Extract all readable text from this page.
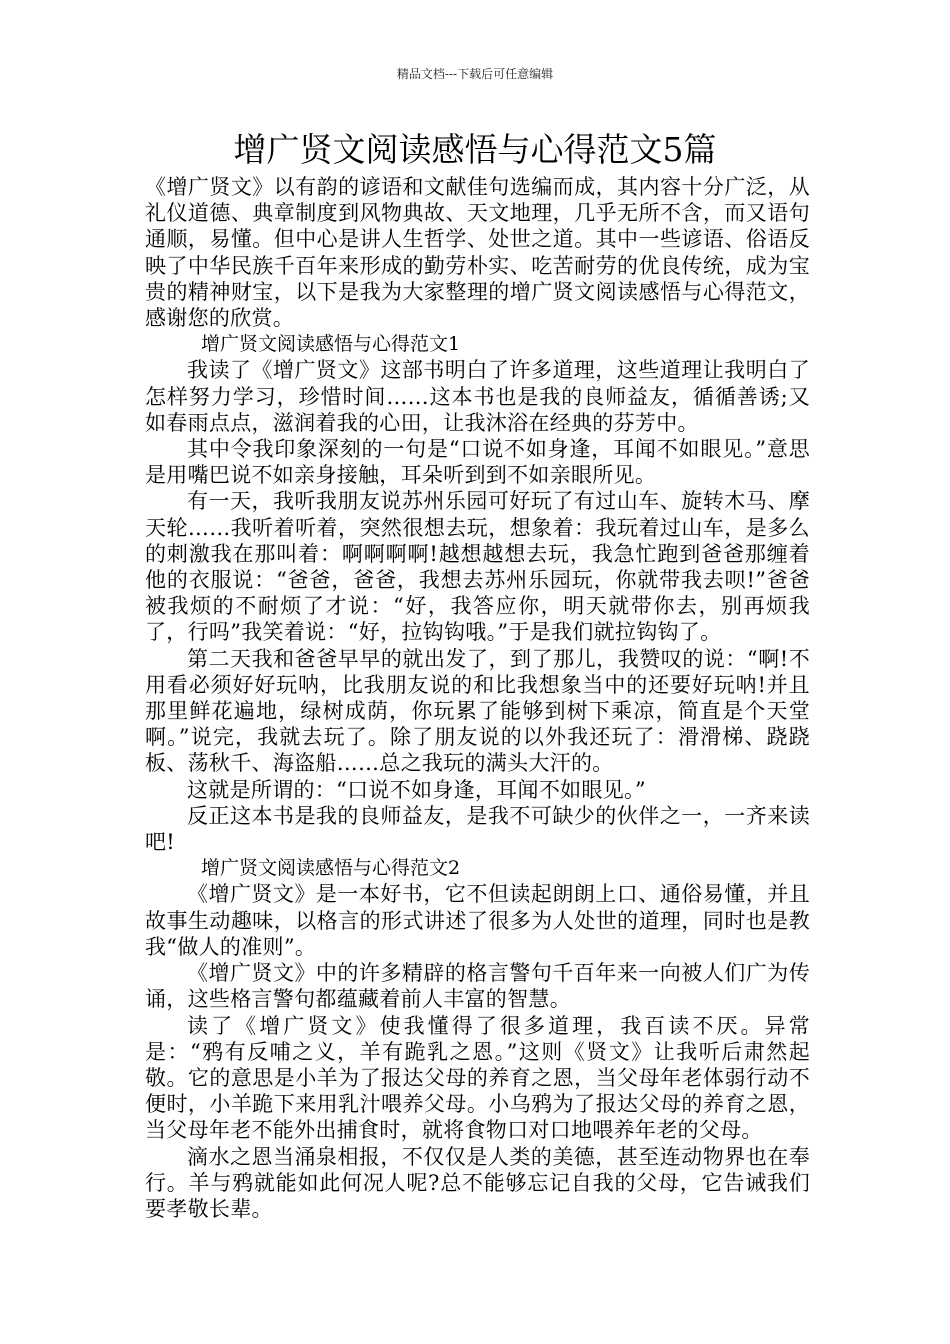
精品文档---下载后可任意编辑
增广贤文阅读感悟与心得范文5篇

《增广贤文》以有韵的谚语和文献佳句选编而成，其内容十分广泛，从礼仪道德、典章制度到风物典故、天文地理，几乎无所不含，而又语句通顺，易懂。但中心是讲人生哲学、处世之道。其中一些谚语、俗语反映了中华民族千百年来形成的勤劳朴实、吃苦耐劳的优良传统，成为宝贵的精神财宝，以下是我为大家整理的增广贤文阅读感悟与心得范文，感谢您的欣赏。

增广贤文阅读感悟与心得范文1

我读了《增广贤文》这部书明白了许多道理，这些道理让我明白了怎样努力学习，珍惜时间……这本书也是我的良师益友，循循善诱;又如春雨点点，滋润着我的心田，让我沐浴在经典的芬芳中。

其中令我印象深刻的一句是“口说不如身逢，耳闻不如眼见。”意思是用嘴巴说不如亲身接触，耳朵听到到不如亲眼所见。

有一天，我听我朋友说苏州乐园可好玩了有过山车、旋转木马、摩天轮……我听着听着，突然很想去玩，想象着：我玩着过山车，是多么的刺激我在那叫着：啊啊啊啊!越想越想去玩，我急忙跑到爸爸那缠着他的衣服说：“爸爸，爸爸，我想去苏州乐园玩，你就带我去呗!”爸爸被我烦的不耐烦了才说：“好，我答应你，明天就带你去，别再烦我了，行吗”我笑着说：“好，拉钩钩哦。”于是我们就拉钩钩了。

第二天我和爸爸早早的就出发了，到了那儿，我赞叹的说：“啊!不用看必须好好玩呐，比我朋友说的和比我想象当中的还要好玩呐!并且那里鲜花遍地，绿树成荫，你玩累了能够到树下乘凉，简直是个天堂啊。”说完，我就去玩了。除了朋友说的以外我还玩了：滑滑梯、跷跷板、荡秋千、海盗船……总之我玩的满头大汗的。

这就是所谓的：“口说不如身逢，耳闻不如眼见。”

反正这本书是我的良师益友，是我不可缺少的伙伴之一，一齐来读吧!

增广贤文阅读感悟与心得范文2

《增广贤文》是一本好书，它不但读起朗朗上口、通俗易懂，并且故事生动趣味，以格言的形式讲述了很多为人处世的道理，同时也是教我“做人的准则”。

《增广贤文》中的许多精辟的格言警句千百年来一向被人们广为传诵，这些格言警句都蕴藏着前人丰富的智慧。

读了《增广贤文》使我懂得了很多道理，我百读不厌。异常是：“鸦有反哺之义，羊有跪乳之恩。”这则《贤文》让我听后肃然起敬。它的意思是小羊为了报达父母的养育之恩，当父母年老体弱行动不便时，小羊跪下来用乳汁喂养父母。小乌鸦为了报达父母的养育之恩，当父母年老不能外出捕食时，就将食物口对口地喂养年老的父母。

滴水之恩当涌泉相报，不仅仅是人类的美德，甚至连动物界也在奉行。羊与鸦就能如此何况人呢?总不能够忘记自我的父母，它告诫我们要孝敬长辈。
